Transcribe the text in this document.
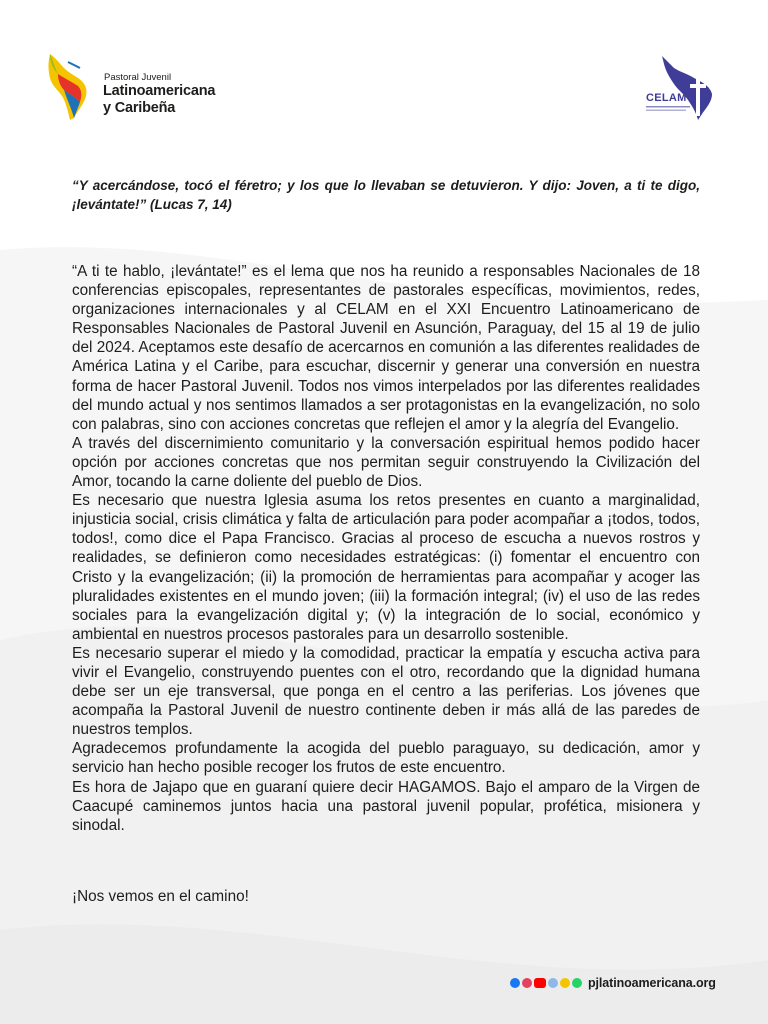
Pastoral Juvenil
Latinoamericana
y Caribeña
CELAM

“Y acercándose, tocó el féretro; y los que lo llevaban se detuvieron. Y dijo: Joven, a ti te digo, ¡levántate!” (Lucas 7, 14)

“A ti te hablo, ¡levántate!” es el lema que nos ha reunido a responsables Nacionales de 18 conferencias episcopales, representantes de pastorales específicas, movimientos, redes, organizaciones internacionales y al CELAM en el XXI Encuentro Latinoamericano de Responsables Nacionales de Pastoral Juvenil en Asunción, Paraguay, del 15 al 19 de julio del 2024. Aceptamos este desafío de acercarnos en comunión a las diferentes realidades de América Latina y el Caribe, para escuchar, discernir y generar una conversión en nuestra forma de hacer Pastoral Juvenil. Todos nos vimos interpelados por las diferentes realidades del mundo actual y nos sentimos llamados a ser protagonistas en la evangelización, no solo con palabras, sino con acciones concretas que reflejen el amor y la alegría del Evangelio.

A través del discernimiento comunitario y la conversación espiritual hemos podido hacer opción por acciones concretas que nos permitan seguir construyendo la Civilización del Amor, tocando la carne doliente del pueblo de Dios.

Es necesario que nuestra Iglesia asuma los retos presentes en cuanto a marginalidad, injusticia social, crisis climática y falta de articulación para poder acompañar a ¡todos, todos, todos!, como dice el Papa Francisco. Gracias al proceso de escucha a nuevos rostros y realidades, se definieron como necesidades estratégicas: (i) fomentar el encuentro con Cristo y la evangelización; (ii) la promoción de herramientas para acompañar y acoger las pluralidades existentes en el mundo joven; (iii) la formación integral; (iv) el uso de las redes sociales para la evangelización digital y; (v) la integración de lo social, económico y ambiental en nuestros procesos pastorales para un desarrollo sostenible.

Es necesario superar el miedo y la comodidad, practicar la empatía y escucha activa para vivir el Evangelio, construyendo puentes con el otro, recordando que la dignidad humana debe ser un eje transversal, que ponga en el centro a las periferias. Los jóvenes que acompaña la Pastoral Juvenil de nuestro continente deben ir más allá de las paredes de nuestros templos.

Agradecemos profundamente la acogida del pueblo paraguayo, su dedicación, amor y servicio han hecho posible recoger los frutos de este encuentro.

Es hora de Jajapo que en guaraní quiere decir HAGAMOS. Bajo el amparo de la Virgen de Caacupé caminemos juntos hacia una pastoral juvenil popular, profética, misionera y sinodal.

¡Nos vemos en el camino!

pjlatinoamericana.org
